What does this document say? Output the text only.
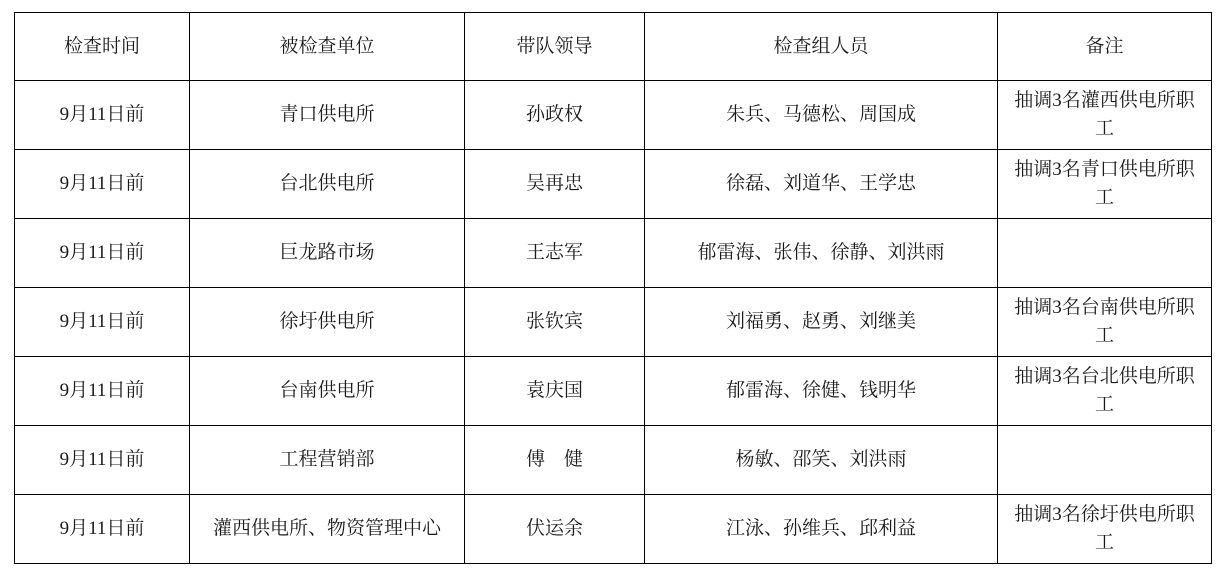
检查时间	被检查单位	带队领导	检查组人员	备注
9月11日前	青口供电所	孙政权	朱兵、马德松、周国成	抽调3名灌西供电所职工
9月11日前	台北供电所	吴再忠	徐磊、刘道华、王学忠	抽调3名青口供电所职工
9月11日前	巨龙路市场	王志军	郁雷海、张伟、徐静、刘洪雨	
9月11日前	徐圩供电所	张钦宾	刘福勇、赵勇、刘继美	抽调3名台南供电所职工
9月11日前	台南供电所	袁庆国	郁雷海、徐健、钱明华	抽调3名台北供电所职工
9月11日前	工程营销部	傅　健	杨敏、邵笑、刘洪雨	
9月11日前	灌西供电所、物资管理中心	伏运余	江泳、孙维兵、邱利益	抽调3名徐圩供电所职工
